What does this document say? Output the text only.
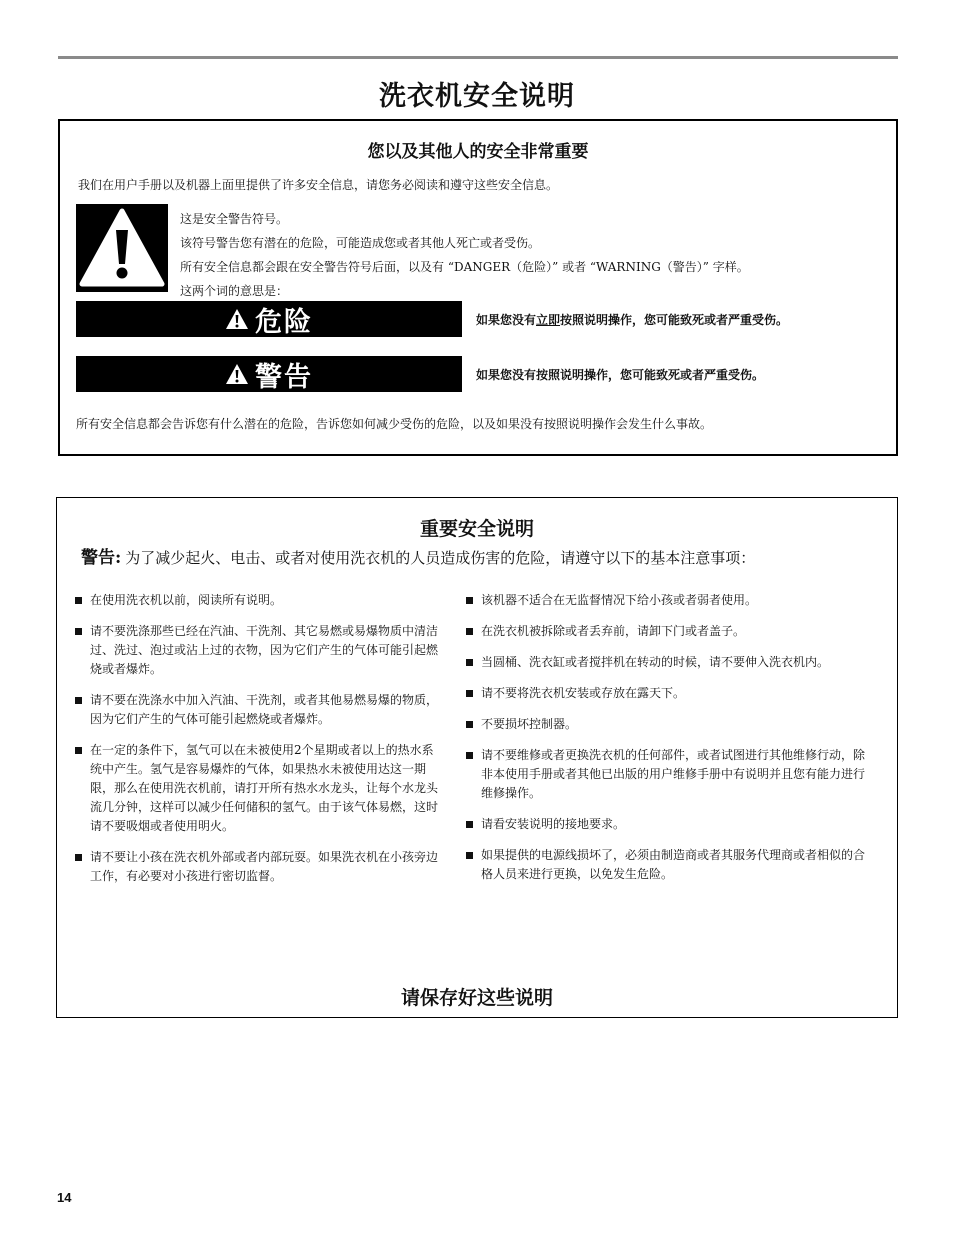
洗衣机安全说明
您以及其他人的安全非常重要
我们在用户手册以及机器上面里提供了许多安全信息，请您务必阅读和遵守这些安全信息。
这是安全警告符号。
该符号警告您有潜在的危险，可能造成您或者其他人死亡或者受伤。
所有安全信息都会跟在安全警告符号后面，以及有 “DANGER（危险）” 或者 “WARNING（警告）” 字样。
这两个词的意思是：
危险	如果您没有立即按照说明操作，您可能致死或者严重受伤。
警告	如果您没有按照说明操作，您可能致死或者严重受伤。
所有安全信息都会告诉您有什么潜在的危险，告诉您如何减少受伤的危险，以及如果没有按照说明操作会发生什么事故。
重要安全说明
警告: 为了减少起火、电击、或者对使用洗衣机的人员造成伤害的危险，请遵守以下的基本注意事项：
在使用洗衣机以前，阅读所有说明。
请不要洗涤那些已经在汽油、干洗剂、其它易燃或易爆物质中清洁过、洗过、泡过或沾上过的衣物，因为它们产生的气体可能引起燃烧或者爆炸。
请不要在洗涤水中加入汽油、干洗剂，或者其他易燃易爆的物质，因为它们产生的气体可能引起燃烧或者爆炸。
在一定的条件下，氢气可以在未被使用2个星期或者以上的热水系统中产生。氢气是容易爆炸的气体，如果热水未被使用达这一期限，那么在使用洗衣机前，请打开所有热水水龙头，让每个水龙头流几分钟，这样可以减少任何储积的氢气。由于该气体易燃，这时请不要吸烟或者使用明火。
请不要让小孩在洗衣机外部或者内部玩耍。如果洗衣机在小孩旁边工作，有必要对小孩进行密切监督。
该机器不适合在无监督情况下给小孩或者弱者使用。
在洗衣机被拆除或者丢弃前，请卸下门或者盖子。
当圆桶、洗衣缸或者搅拌机在转动的时候，请不要伸入洗衣机内。
请不要将洗衣机安装或存放在露天下。
不要损坏控制器。
请不要维修或者更换洗衣机的任何部件，或者试图进行其他维修行动，除非本使用手册或者其他已出版的用户维修手册中有说明并且您有能力进行维修操作。
请看安装说明的接地要求。
如果提供的电源线损坏了，必须由制造商或者其服务代理商或者相似的合格人员来进行更换，以免发生危险。
请保存好这些说明
14
